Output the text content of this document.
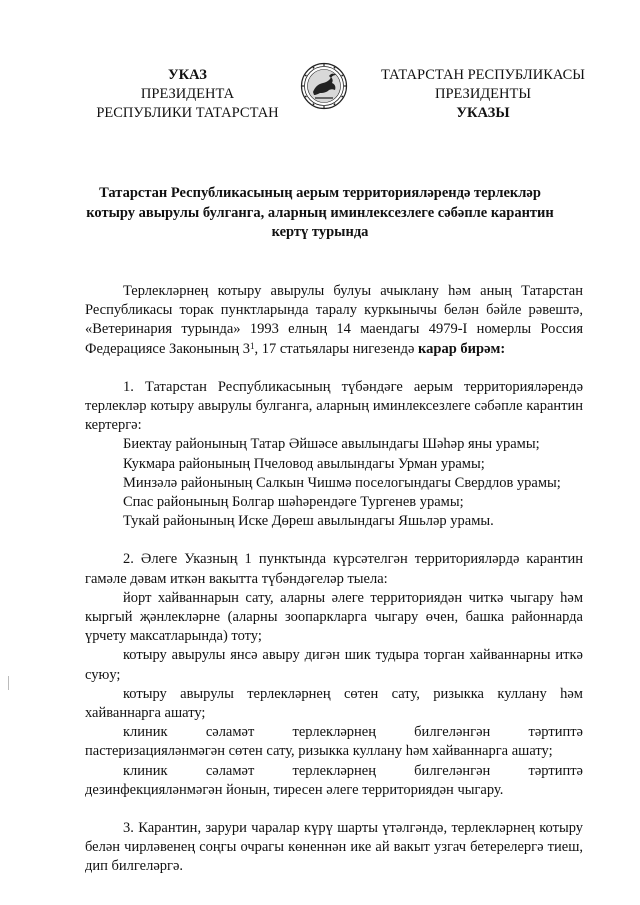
УКАЗ
ПРЕЗИДЕНТА
РЕСПУБЛИКИ ТАТАРСТАН
ТАТАРСТАН РЕСПУБЛИКАСЫ
ПРЕЗИДЕНТЫ
УКАЗЫ
Татарстан Республикасының аерым территорияләрендә терлекләр
котыру авырулы булганга, аларның иминлексезлеге сәбәпле карантин
кертү турында

Терлекләрнең котыру авырулы булуы ачыклану һәм аның Татарстан Республикасы торак пунктларында таралу куркынычы белән бәйле рәвештә, «Ветеринария турында» 1993 елның 14 маендагы 4979-I номерлы Россия Федерациясе Законының $3^1$, 17 статьялары нигезендә карар бирәм:

1. Татарстан Республикасының түбәндәге аерым территорияләрендә терлекләр котыру авырулы булганга, аларның иминлексезлеге сәбәпле карантин кертергә:

Биектау районының Татар Әйшәсе авылындагы Шәһәр яны урамы;

Кукмара районының Пчеловод авылындагы Урман урамы;

Минзәлә районының Салкын Чишмә поселогындагы Свердлов урамы;

Спас районының Болгар шәһәрендәге Тургенев урамы;

Тукай районының Иске Дөреш авылындагы Яшьләр урамы.

2. Әлеге Указның 1 пунктында күрсәтелгән территорияләрдә карантин гамәле дәвам иткән вакытта түбәндәгеләр тыела:

йорт хайваннарын сату, аларны әлеге территориядән читкә чыгару һәм кыргый җәнлекләрне (аларны зоопаркларга чыгару өчен, башка районнарда үрчету максатларында) тоту;

котыру авырулы янсә авыру дигән шик тудыра торган хайваннарны иткә суюу;

котыру авырулы терлекләрнең сөтен сату, ризыкка куллану һәм хайваннарга ашату;

клиник сәламәт терлекләрнең билгеләнгән тәртиптә

пастеризацияләнмәгән сөтен сату, ризыкка куллану һәм хайваннарга ашату;

клиник сәламәт терлекләрнең билгеләнгән тәртиптә

дезинфекцияләнмәгән йонын, тиресен әлеге территориядән чыгару.

3. Карантин, зарури чаралар күрү шарты үтәлгәндә, терлекләрнең котыру белән чирләвенең соңгы очрагы көненнән ике ай вакыт узгач бетерелергә тиеш, дип билгеләргә.
